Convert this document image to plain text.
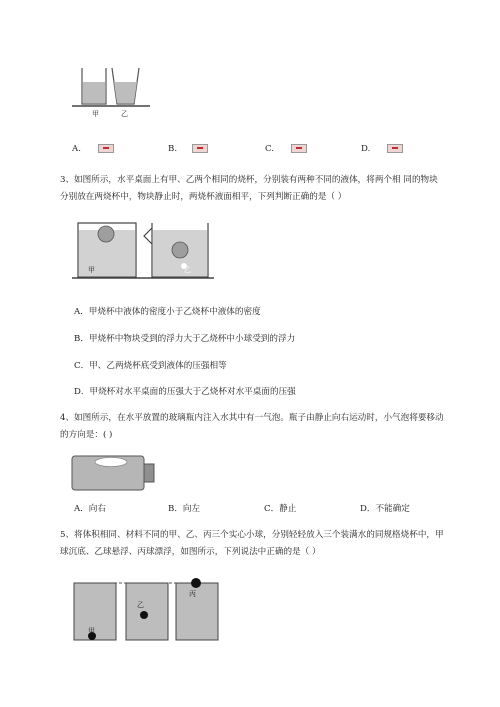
甲	乙
A.	B.	C.	D.
3、如图所示，水平桌面上有甲、乙两个相同的烧杯，分别装有两种不同的液体，将两个相 同的物块
分别放在两烧杯中，物块静止时，两烧杯液面相平，下列判断正确的是（ ）
甲	乙
A．甲烧杯中液体的密度小于乙烧杯中液体的密度
B．甲烧杯中物块受到的浮力大于乙烧杯中小球受到的浮力
C．甲、乙两烧杯底受到液体的压强相等
D．甲烧杯对水平桌面的压强大于乙烧杯对水平桌面的压强
4、如图所示，在水平放置的玻璃瓶内注入水其中有一气泡。瓶子由静止向右运动时，小气泡将要移动
的方向是：( )
A．向右	B．向左	C．静止	D．不能确定
5、将体积相同、材料不同的甲、乙、丙三个实心小球，分别轻轻放入三个装满水的同规格烧杯中，甲
球沉底、乙球悬浮、丙球漂浮，如图所示，下列说法中正确的是（ ）
甲
乙
丙
